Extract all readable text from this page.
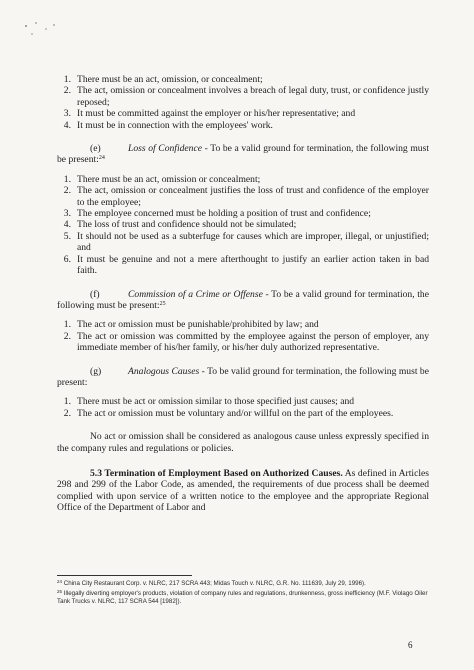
1. There must be an act, omission, or concealment;
2. The act, omission or concealment involves a breach of legal duty, trust, or confidence justly reposed;
3. It must be committed against the employer or his/her representative; and
4. It must be in connection with the employees' work.

(e)	Loss of Confidence - To be a valid ground for termination, the following must be present:$^{24}$

1. There must be an act, omission or concealment;
2. The act, omission or concealment justifies the loss of trust and confidence of the employer to the employee;
3. The employee concerned must be holding a position of trust and confidence;
4. The loss of trust and confidence should not be simulated;
5. It should not be used as a subterfuge for causes which are improper, illegal, or unjustified; and
6. It must be genuine and not a mere afterthought to justify an earlier action taken in bad faith.

(f)	Commission of a Crime or Offense - To be a valid ground for termination, the following must be present:$^{25}$

1. The act or omission must be punishable/prohibited by law; and
2. The act or omission was committed by the employee against the person of employer, any immediate member of his/her family, or his/her duly authorized representative.

(g)	Analogous Causes - To be valid ground for termination, the following must be present:

1. There must be act or omission similar to those specified just causes; and
2. The act or omission must be voluntary and/or willful on the part of the employees.

No act or omission shall be considered as analogous cause unless expressly specified in the company rules and regulations or policies.

5.3 Termination of Employment Based on Authorized Causes. As defined in Articles 298 and 299 of the Labor Code, as amended, the requirements of due process shall be deemed complied with upon service of a written notice to the employee and the appropriate Regional Office of the Department of Labor and

$^{24}$ China City Restaurant Corp. v. NLRC, 217 SCRA 443; Midas Touch v. NLRC, G.R. No. 111639, July 29, 1996).

$^{25}$ Illegally diverting employer's products, violation of company rules and regulations, drunkenness, gross inefficiency (M.F. Violago Oiler Tank Trucks v. NLRC, 117 SCRA 544 [1982]).

6
